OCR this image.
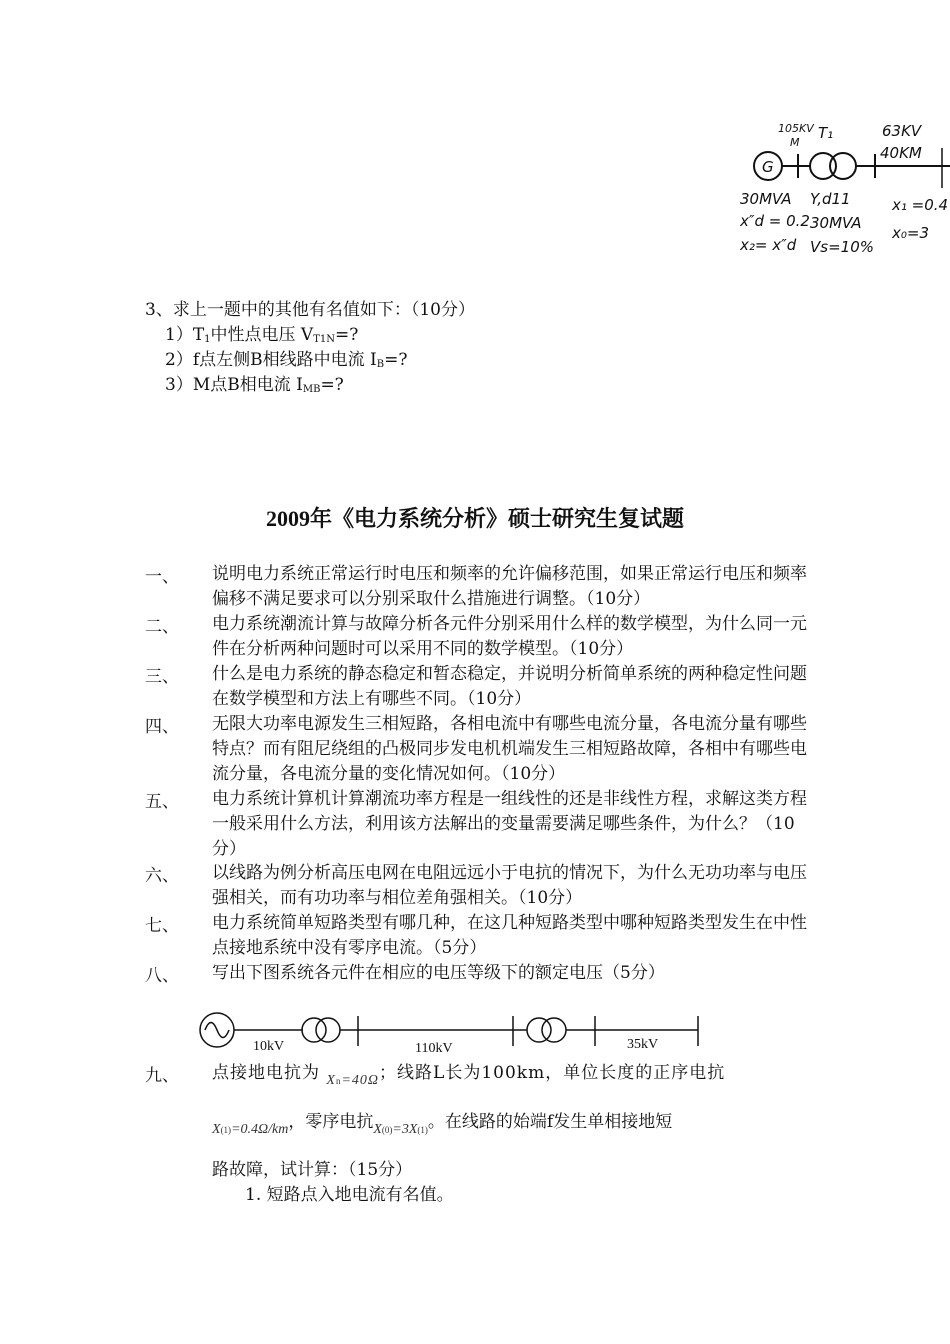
G
105KV
M
T₁	63KV
40KM
30MVA
x″d = 0.2
x₂= x″d
Y,d11
30MVA
Vs=10%
x₁ =0.4
x₀=3
3、求上一题中的其他有名值如下：（10分）
$1)T_1$中性点电压 $V_{T1N}=$?
2）f点左侧B相线路中电流 $I_B=$?
3）M点B相电流 $I_{MB}=$?
2009年《电力系统分析》硕士研究生复试题
一、 说明电力系统正常运行时电压和频率的允许偏移范围，如果正常运行电压和频率偏移不满足要求可以分别采取什么措施进行调整。（10分）
二、 电力系统潮流计算与故障分析各元件分别采用什么样的数学模型，为什么同一元件在分析两种问题时可以采用不同的数学模型。（10分）
三、 什么是电力系统的静态稳定和暂态稳定，并说明分析简单系统的两种稳定性问题在数学模型和方法上有哪些不同。（10分）
四、 无限大功率电源发生三相短路，各相电流中有哪些电流分量，各电流分量有哪些特点？而有阻尼绕组的凸极同步发电机机端发生三相短路故障，各相中有哪些电流分量，各电流分量的变化情况如何。（10分）
五、 电力系统计算机计算潮流功率方程是一组线性的还是非线性方程，求解这类方程一般采用什么方法，利用该方法解出的变量需要满足哪些条件，为什么？（10分）
六、 以线路为例分析高压电网在电阻远远小于电抗的情况下，为什么无功功率与电压强相关，而有功功率与相位差角强相关。（10分）
七、 电力系统简单短路类型有哪几种，在这几种短路类型中哪种短路类型发生在中性点接地系统中没有零序电流。（5分）
八、 写出下图系统各元件在相应的电压等级下的额定电压（5分）
10kV	110kV	35kV
九、 点接地电抗为 $_{Xn=40\Omega}$；线路L长为100km，单位长度的正序电抗
$_{X(1)=0.4\Omega/km}$，零序电抗$_{X(0)=3X(1)}$。在线路的始端f发生单相接地短
路故障，试计算：（15分）
1. 短路点入地电流有名值。
